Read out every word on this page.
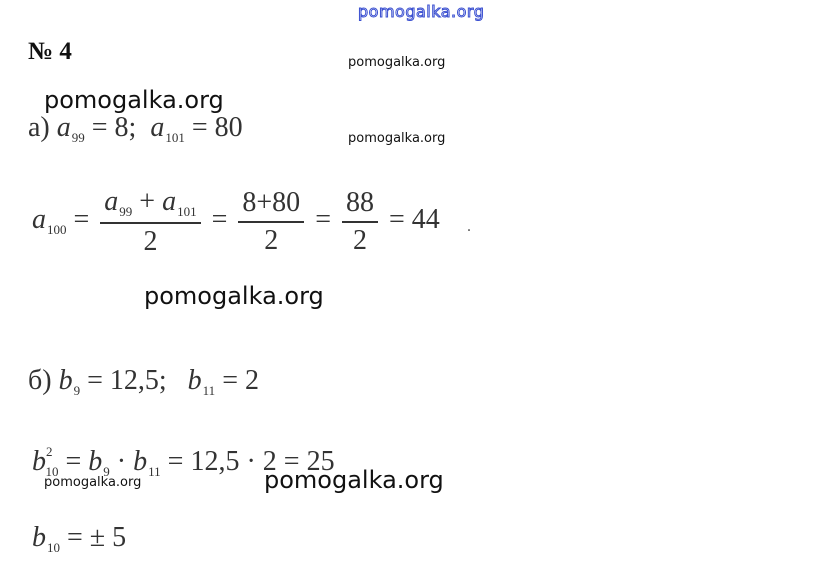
pomogalka.org
pomogalka.org
pomogalka.org
pomogalka.org
pomogalka.org
pomogalka.org	pomogalka.org
№ 4
а) $a_{99} = 8$; $a_{101} = 80$
$a_{100} = \frac{a_{99} + a_{101}}{2} = \frac{8+80}{2} = \frac{88}{2} = 44$ .
б) $b_9 = 12,5$; $b_{11} = 2$
$b^2_{10} = b_9 \cdot b_{11} = 12,5 \cdot 2 = 25$
$b_{10}$ = ± 5
